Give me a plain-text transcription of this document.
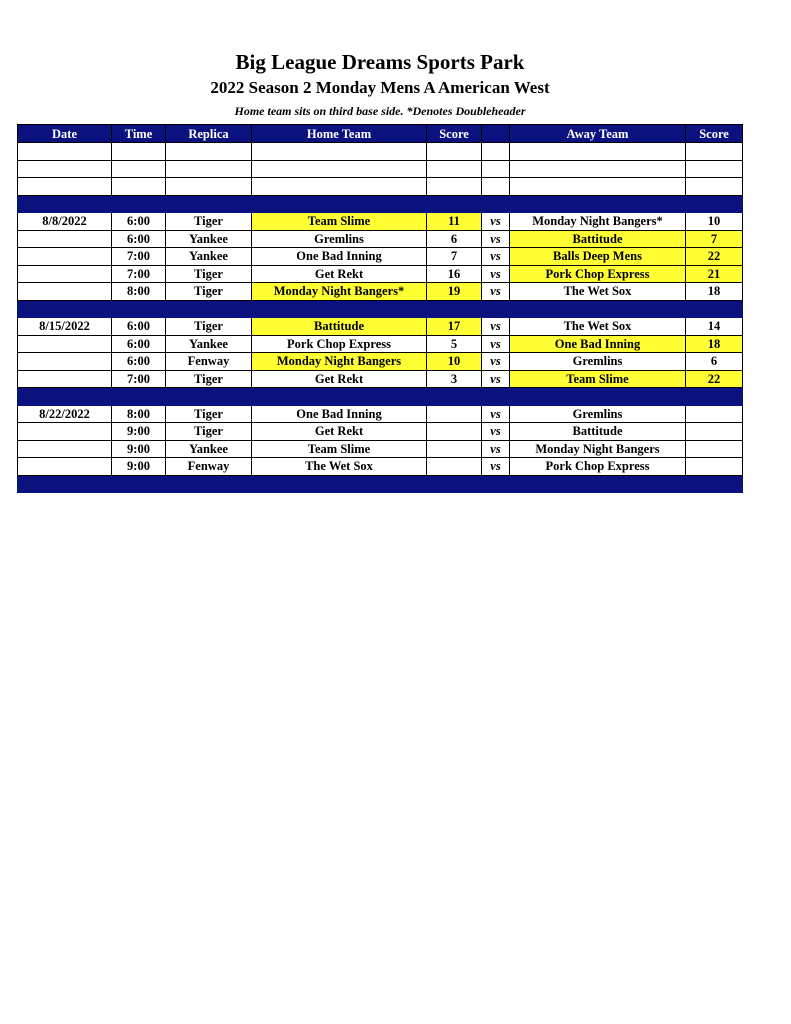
Big League Dreams Sports Park
2022 Season 2 Monday Mens A American West
Home team sits on third base side. *Denotes Doubleheader
Date	Time	Replica	Home Team	Score		Away Team	Score

8/8/2022	6:00	Tiger	Team Slime	11	vs	Monday Night Bangers*	10
	6:00	Yankee	Gremlins	6	vs	Battitude	7
	7:00	Yankee	One Bad Inning	7	vs	Balls Deep Mens	22
	7:00	Tiger	Get Rekt	16	vs	Pork Chop Express	21
	8:00	Tiger	Monday Night Bangers*	19	vs	The Wet Sox	18

8/15/2022	6:00	Tiger	Battitude	17	vs	The Wet Sox	14
	6:00	Yankee	Pork Chop Express	5	vs	One Bad Inning	18
	6:00	Fenway	Monday Night Bangers	10	vs	Gremlins	6
	7:00	Tiger	Get Rekt	3	vs	Team Slime	22

8/22/2022	8:00	Tiger	One Bad Inning		vs	Gremlins	
	9:00	Tiger	Get Rekt		vs	Battitude	
	9:00	Yankee	Team Slime		vs	Monday Night Bangers	
	9:00	Fenway	The Wet Sox		vs	Pork Chop Express	
